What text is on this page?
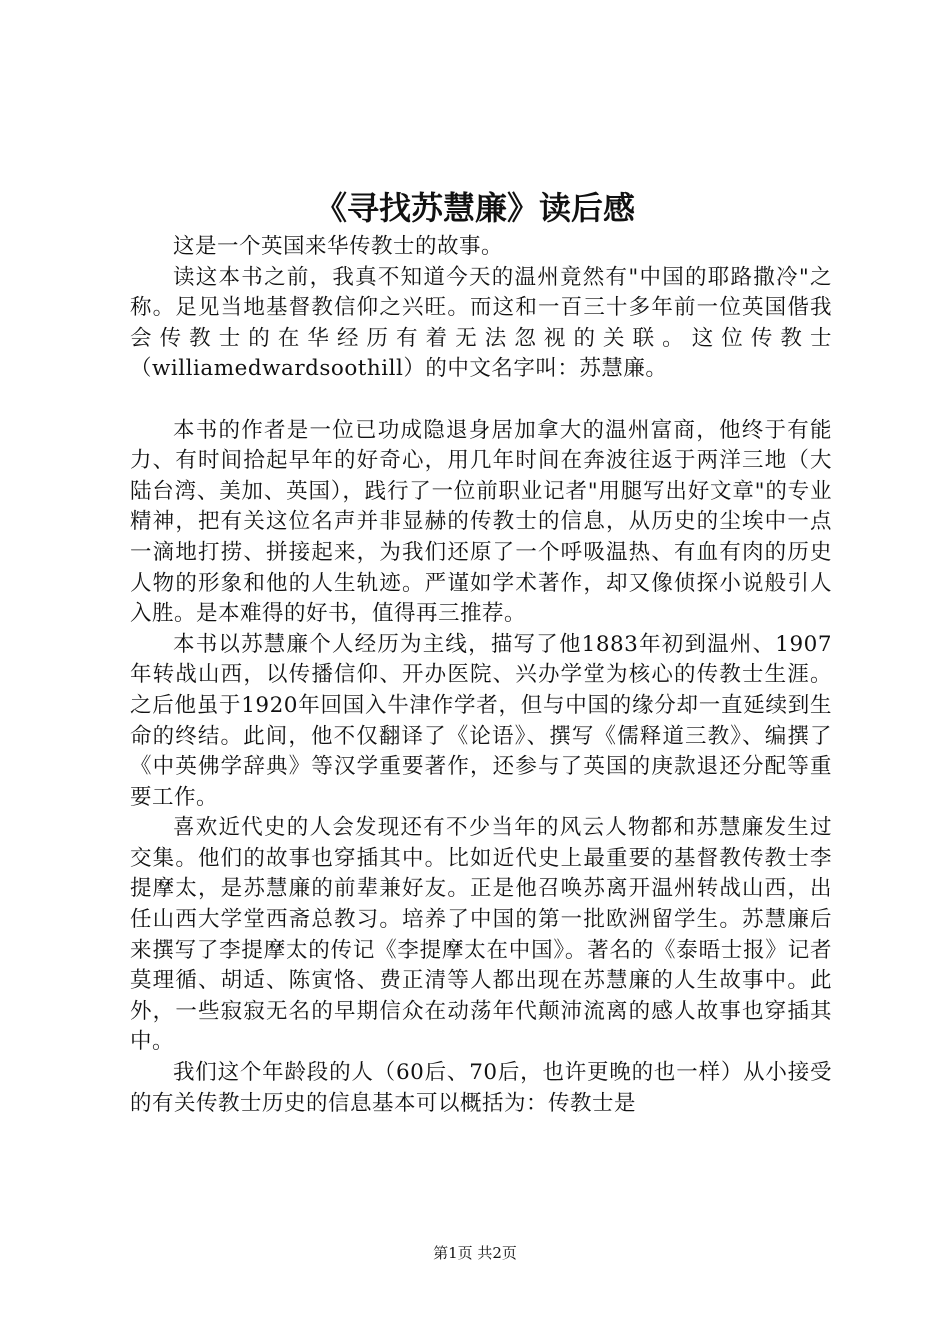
《寻找苏慧廉》读后感

这是一个英国来华传教士的故事。

读这本书之前，我真不知道今天的温州竟然有"中国的耶路撒冷"之称。足见当地基督教信仰之兴旺。而这和一百三十多年前一位英国偕我会传教士的在华经历有着无法忽视的关联。这位传教士（williamedwardsoothill）的中文名字叫：苏慧廉。

本书的作者是一位已功成隐退身居加拿大的温州富商，他终于有能力、有时间拾起早年的好奇心，用几年时间在奔波往返于两洋三地（大陆台湾、美加、英国），践行了一位前职业记者"用腿写出好文章"的专业精神，把有关这位名声并非显赫的传教士的信息，从历史的尘埃中一点一滴地打捞、拼接起来，为我们还原了一个呼吸温热、有血有肉的历史人物的形象和他的人生轨迹。严谨如学术著作，却又像侦探小说般引人入胜。是本难得的好书，值得再三推荐。

本书以苏慧廉个人经历为主线，描写了他1883年初到温州、1907年转战山西，以传播信仰、开办医院、兴办学堂为核心的传教士生涯。之后他虽于1920年回国入牛津作学者，但与中国的缘分却一直延续到生命的终结。此间，他不仅翻译了《论语》、撰写《儒释道三教》、编撰了《中英佛学辞典》等汉学重要著作，还参与了英国的庚款退还分配等重要工作。

喜欢近代史的人会发现还有不少当年的风云人物都和苏慧廉发生过交集。他们的故事也穿插其中。比如近代史上最重要的基督教传教士李提摩太，是苏慧廉的前辈兼好友。正是他召唤苏离开温州转战山西，出任山西大学堂西斋总教习。培养了中国的第一批欧洲留学生。苏慧廉后来撰写了李提摩太的传记《李提摩太在中国》。著名的《泰晤士报》记者莫理循、胡适、陈寅恪、费正清等人都出现在苏慧廉的人生故事中。此外，一些寂寂无名的早期信众在动荡年代颠沛流离的感人故事也穿插其中。

我们这个年龄段的人（60后、70后，也许更晚的也一样）从小接受的有关传教士历史的信息基本可以概括为：传教士是

第1页 共2页
